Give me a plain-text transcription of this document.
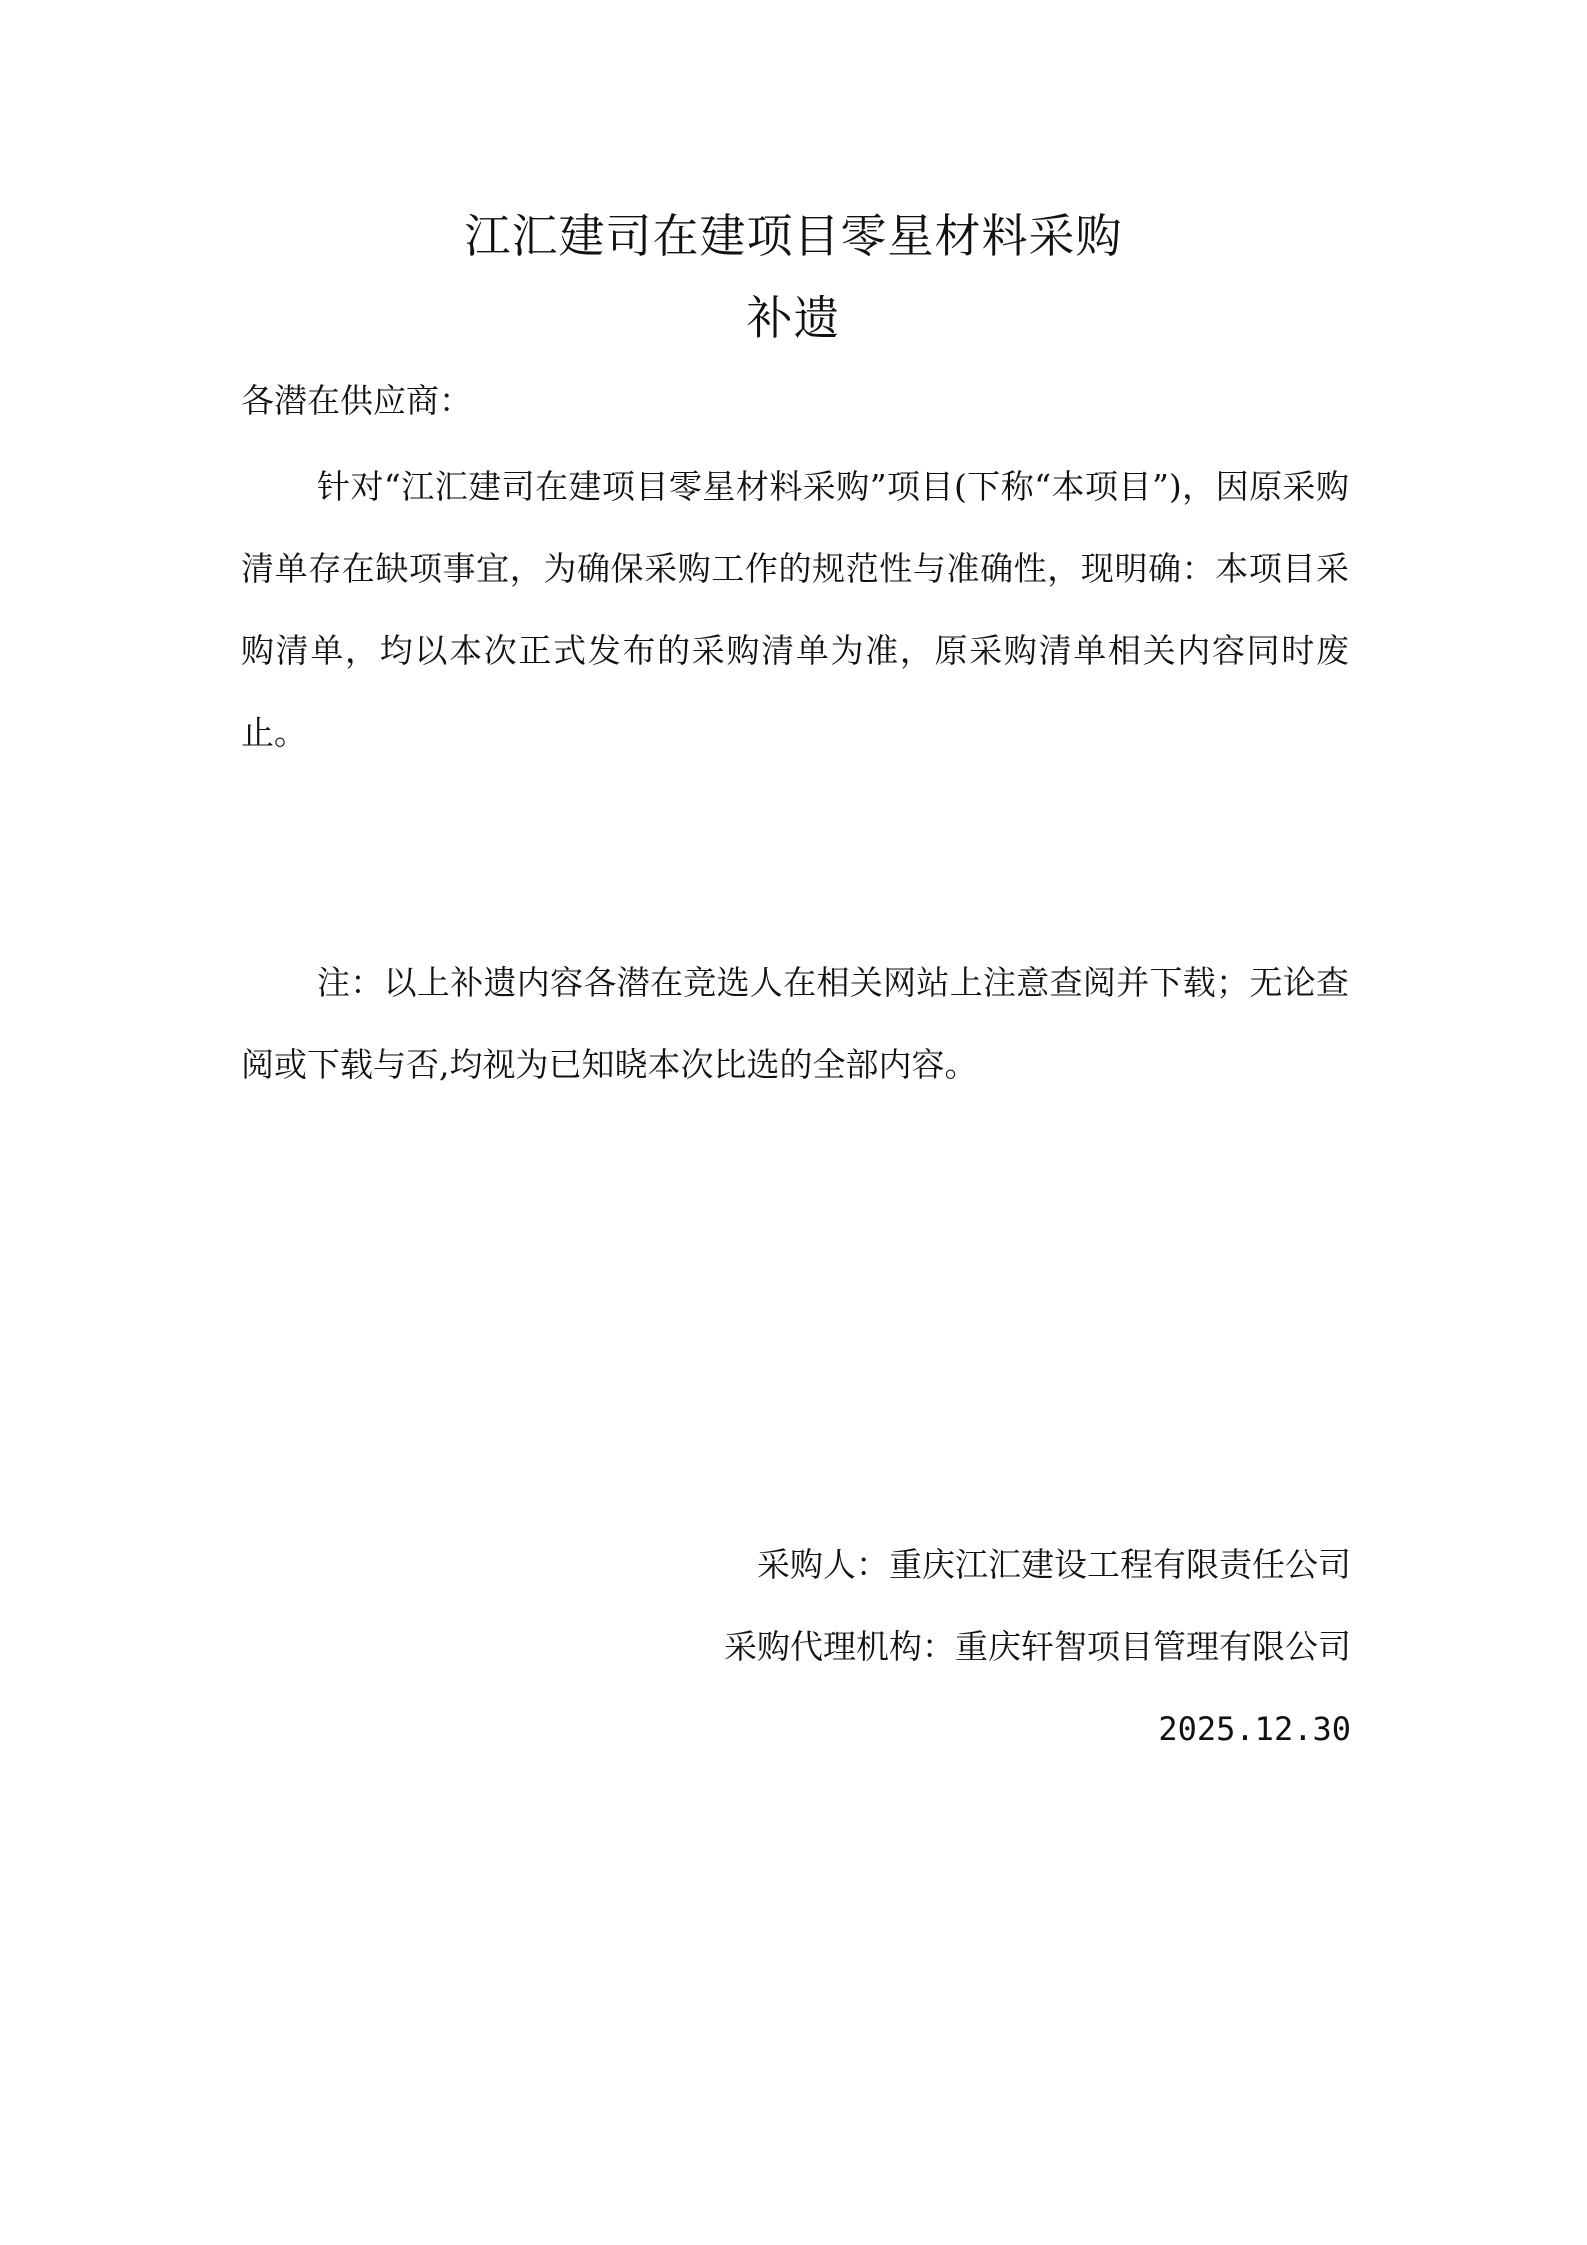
江汇建司在建项目零星材料采购
补遗

各潜在供应商：

针对“江汇建司在建项目零星材料采购”项目(下称“本项目”)，因原采购清单存在缺项事宜，为确保采购工作的规范性与准确性，现明确：本项目采购清单，均以本次正式发布的采购清单为准，原采购清单相关内容同时废止。

注：以上补遗内容各潜在竞选人在相关网站上注意查阅并下载；无论查阅或下载与否,均视为已知晓本次比选的全部内容。

采购人：重庆江汇建设工程有限责任公司

采购代理机构：重庆轩智项目管理有限公司

2025.12.30
